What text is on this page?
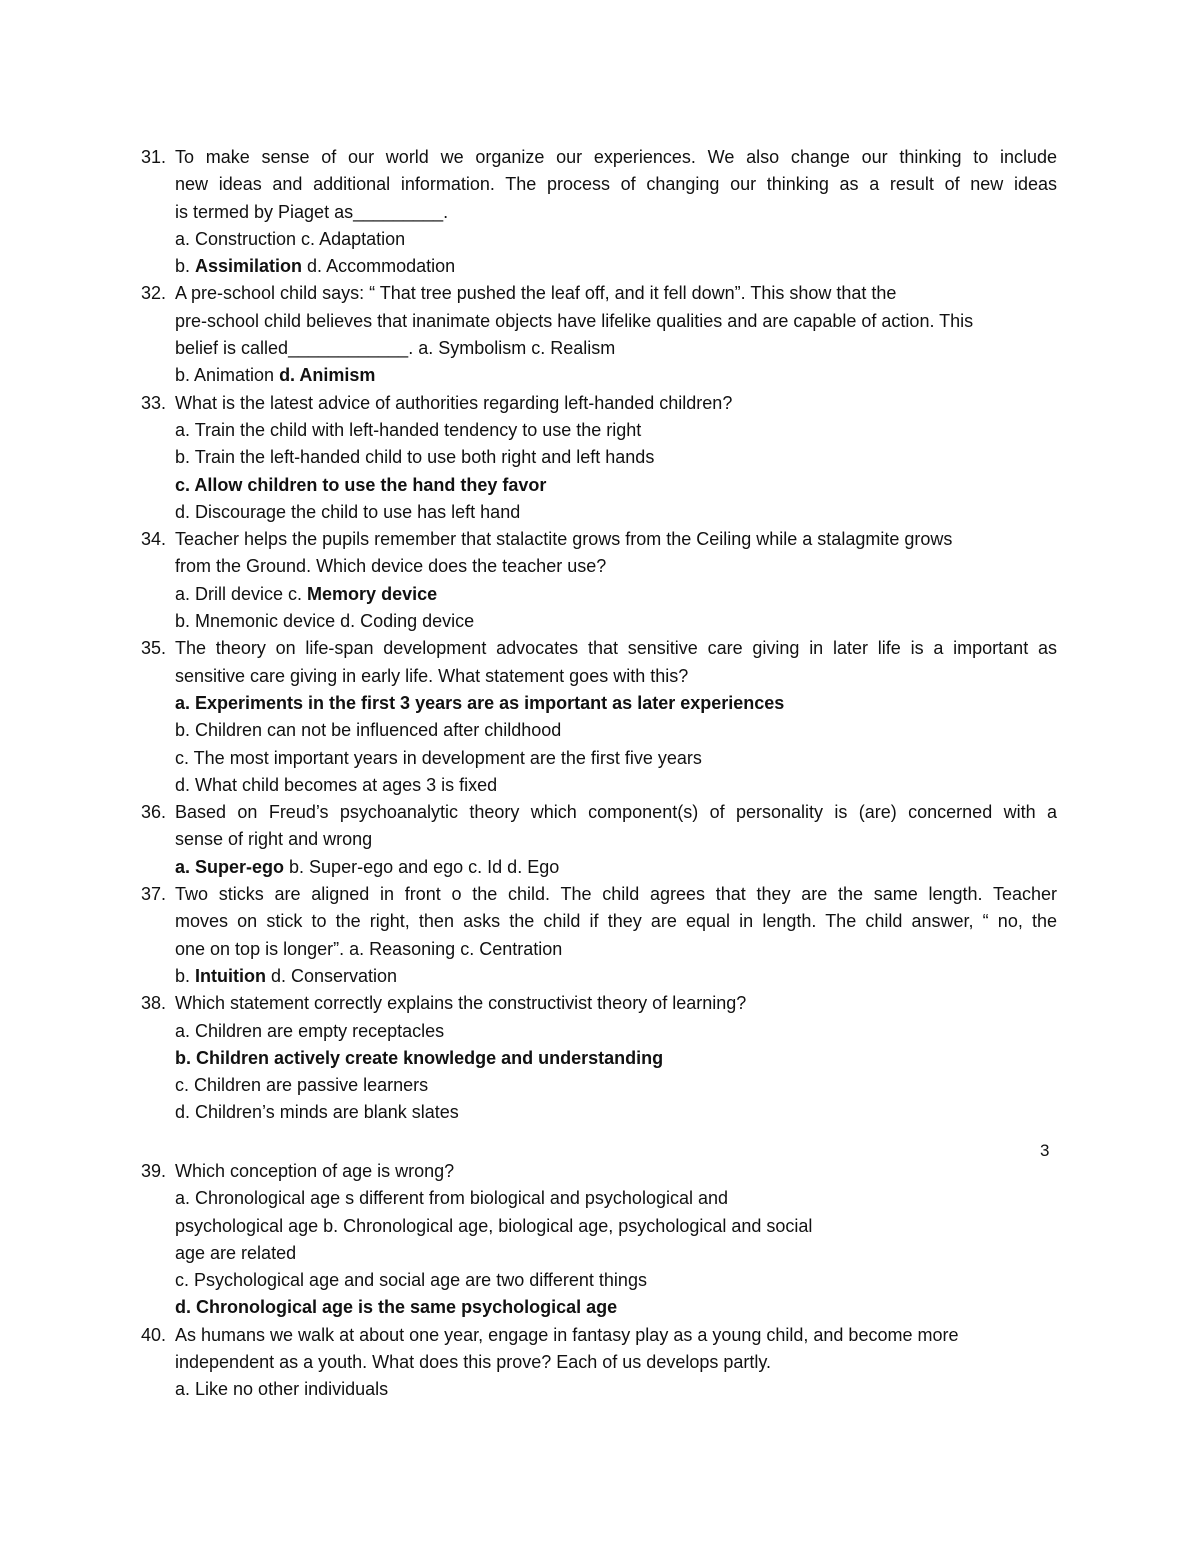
31. To make sense of our world we organize our experiences. We also change our thinking to include
new ideas and additional information. The process of changing our thinking as a result of new ideas
is termed by Piaget as_________.
a. Construction c. Adaptation
b. Assimilation d. Accommodation
32. A pre-school child says: “ That tree pushed the leaf off, and it fell down”. This show that the
pre-school child believes that inanimate objects have lifelike qualities and are capable of action. This
belief is called____________. a. Symbolism c. Realism
b. Animation d. Animism
33. What is the latest advice of authorities regarding left-handed children?
a. Train the child with left-handed tendency to use the right
b. Train the left-handed child to use both right and left hands
c. Allow children to use the hand they favor
d. Discourage the child to use has left hand
34. Teacher helps the pupils remember that stalactite grows from the Ceiling while a stalagmite grows
from the Ground. Which device does the teacher use?
a. Drill device c. Memory device
b. Mnemonic device d. Coding device
35. The theory on life-span development advocates that sensitive care giving in later life is a important as
sensitive care giving in early life. What statement goes with this?
a. Experiments in the first 3 years are as important as later experiences
b. Children can not be influenced after childhood
c. The most important years in development are the first five years
d. What child becomes at ages 3 is fixed
36. Based on Freud’s psychoanalytic theory which component(s) of personality is (are) concerned with a
sense of right and wrong
a. Super-ego b. Super-ego and ego c. Id d. Ego
37. Two sticks are aligned in front o the child. The child agrees that they are the same length. Teacher
moves on stick to the right, then asks the child if they are equal in length. The child answer, “ no, the
one on top is longer”. a. Reasoning c. Centration
b. Intuition d. Conservation
38. Which statement correctly explains the constructivist theory of learning?
a. Children are empty receptacles
b. Children actively create knowledge and understanding
c. Children are passive learners
d. Children’s minds are blank slates
3
39. Which conception of age is wrong?
a. Chronological age s different from biological and psychological and
psychological age b. Chronological age, biological age, psychological and social
age are related
c. Psychological age and social age are two different things
d. Chronological age is the same psychological age
40. As humans we walk at about one year, engage in fantasy play as a young child, and become more
independent as a youth. What does this prove? Each of us develops partly.
a. Like no other individuals
